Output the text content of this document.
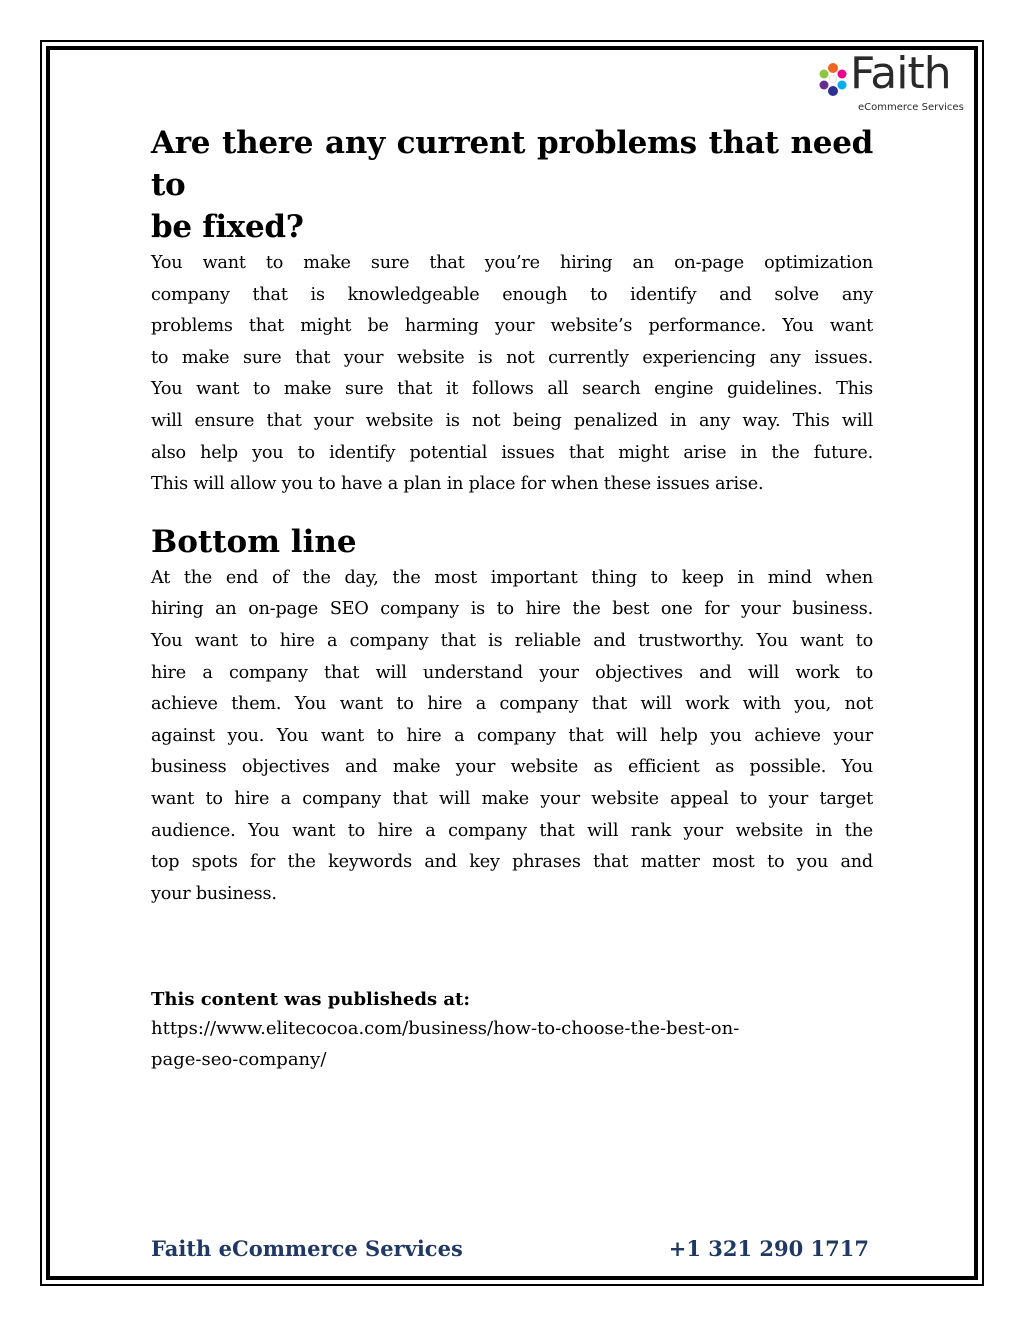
Faith
eCommerce Services
Are there any current problems that need to
be fixed?

You want to make sure that you’re hiring an on-page optimization
company that is knowledgeable enough to identify and solve any
problems that might be harming your website’s performance. You want
to make sure that your website is not currently experiencing any issues.
You want to make sure that it follows all search engine guidelines. This
will ensure that your website is not being penalized in any way. This will
also help you to identify potential issues that might arise in the future.
This will allow you to have a plan in place for when these issues arise.

Bottom line

At the end of the day, the most important thing to keep in mind when
hiring an on-page SEO company is to hire the best one for your business.
You want to hire a company that is reliable and trustworthy. You want to
hire a company that will understand your objectives and will work to
achieve them. You want to hire a company that will work with you, not
against you. You want to hire a company that will help you achieve your
business objectives and make your website as efficient as possible. You
want to hire a company that will make your website appeal to your target
audience. You want to hire a company that will rank your website in the
top spots for the keywords and key phrases that matter most to you and
your business.

This content was publisheds at:
https://www.elitecocoa.com/business/how-to-choose-the-best-on-
page-seo-company/
Faith eCommerce Services	+1 321 290 1717
